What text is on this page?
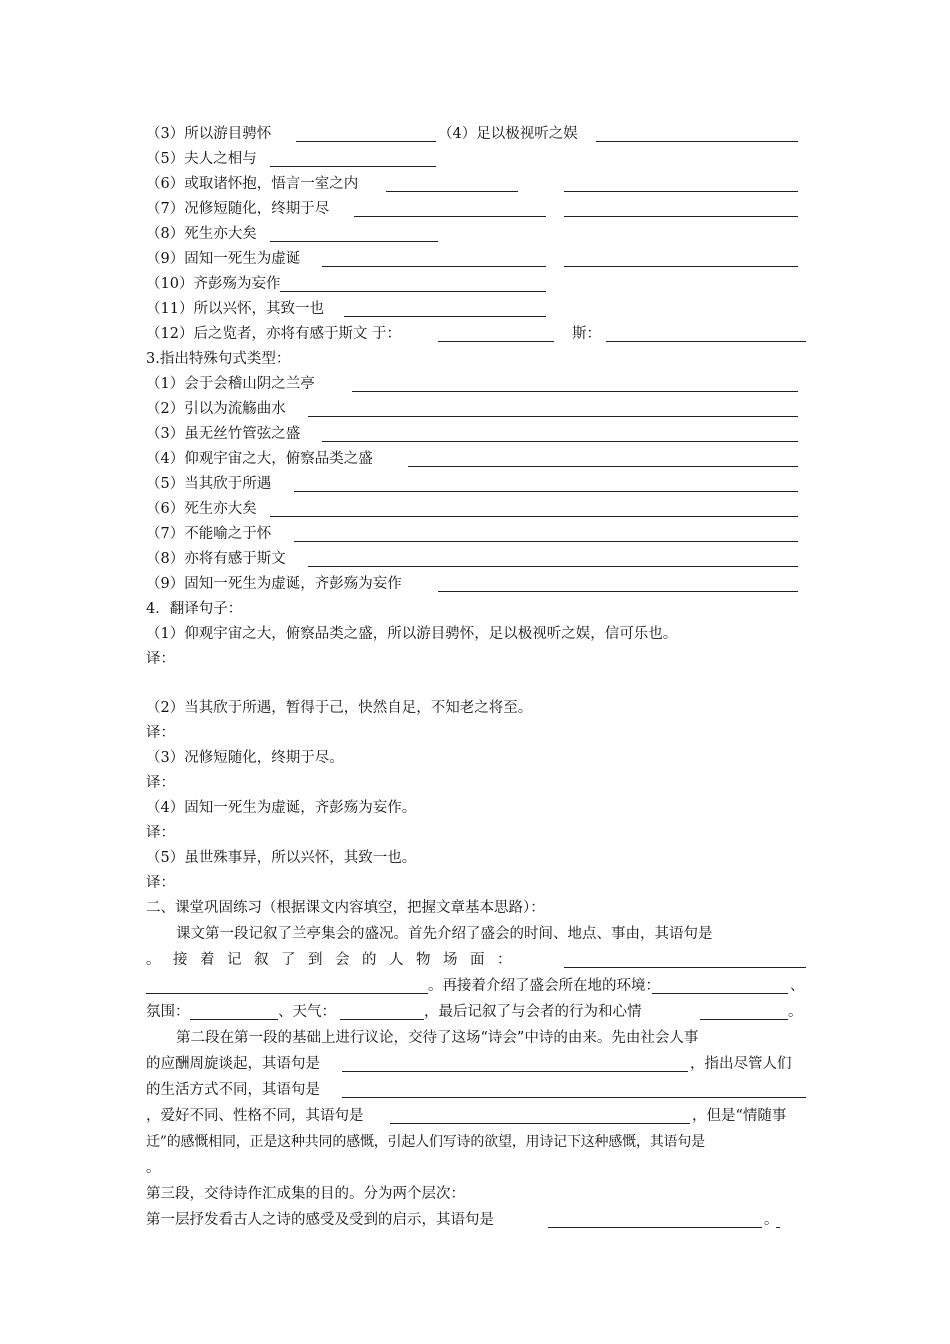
（3）所以游目骋怀	（4）足以极视听之娱
（5）夫人之相与
（6）或取诸怀抱，悟言一室之内
（7）况修短随化，终期于尽
（8）死生亦大矣
（9）固知一死生为虚诞
（10）齐彭殇为妄作
（11）所以兴怀，其致一也
（12）后之览者，亦将有感于斯文 于：	斯：
3.指出特殊句式类型：
（1）会于会稽山阴之兰亭
（2）引以为流觞曲水
（3）虽无丝竹管弦之盛
（4）仰观宇宙之大，俯察品类之盛
（5）当其欣于所遇
（6）死生亦大矣
（7）不能喻之于怀
（8）亦将有感于斯文
（9）固知一死生为虚诞，齐彭殇为妄作
4．翻译句子：
（1）仰观宇宙之大，俯察品类之盛，所以游目骋怀，足以极视听之娱，信可乐也。
译：
（2）当其欣于所遇，暂得于己，快然自足，不知老之将至。
译：
（3）况修短随化，终期于尽。
译：
（4）固知一死生为虚诞，齐彭殇为妄作。
译：
（5）虽世殊事异，所以兴怀，其致一也。
译：
二、课堂巩固练习（根据课文内容填空，把握文章基本思路）：
课文第一段记叙了兰亭集会的盛况。首先介绍了盛会的时间、地点、事由，其语句是
。接着记叙了到会的人物场面：
。再接着介绍了盛会所在地的环境：	、
氛围：	、天气：	，最后记叙了与会者的行为和心情	。
第二段在第一段的基础上进行议论，交待了这场“诗会”中诗的由来。先由社会人事
的应酬周旋谈起，其语句是	，指出尽管人们
的生活方式不同，其语句是
，爱好不同、性格不同，其语句是	，但是“情随事
迁”的感慨相同，正是这种共同的感慨，引起人们写诗的欲望，用诗记下这种感慨，其语句是
。
第三段，交待诗作汇成集的目的。分为两个层次：
第一层抒发看古人之诗的感受及受到的启示，其语句是	。
